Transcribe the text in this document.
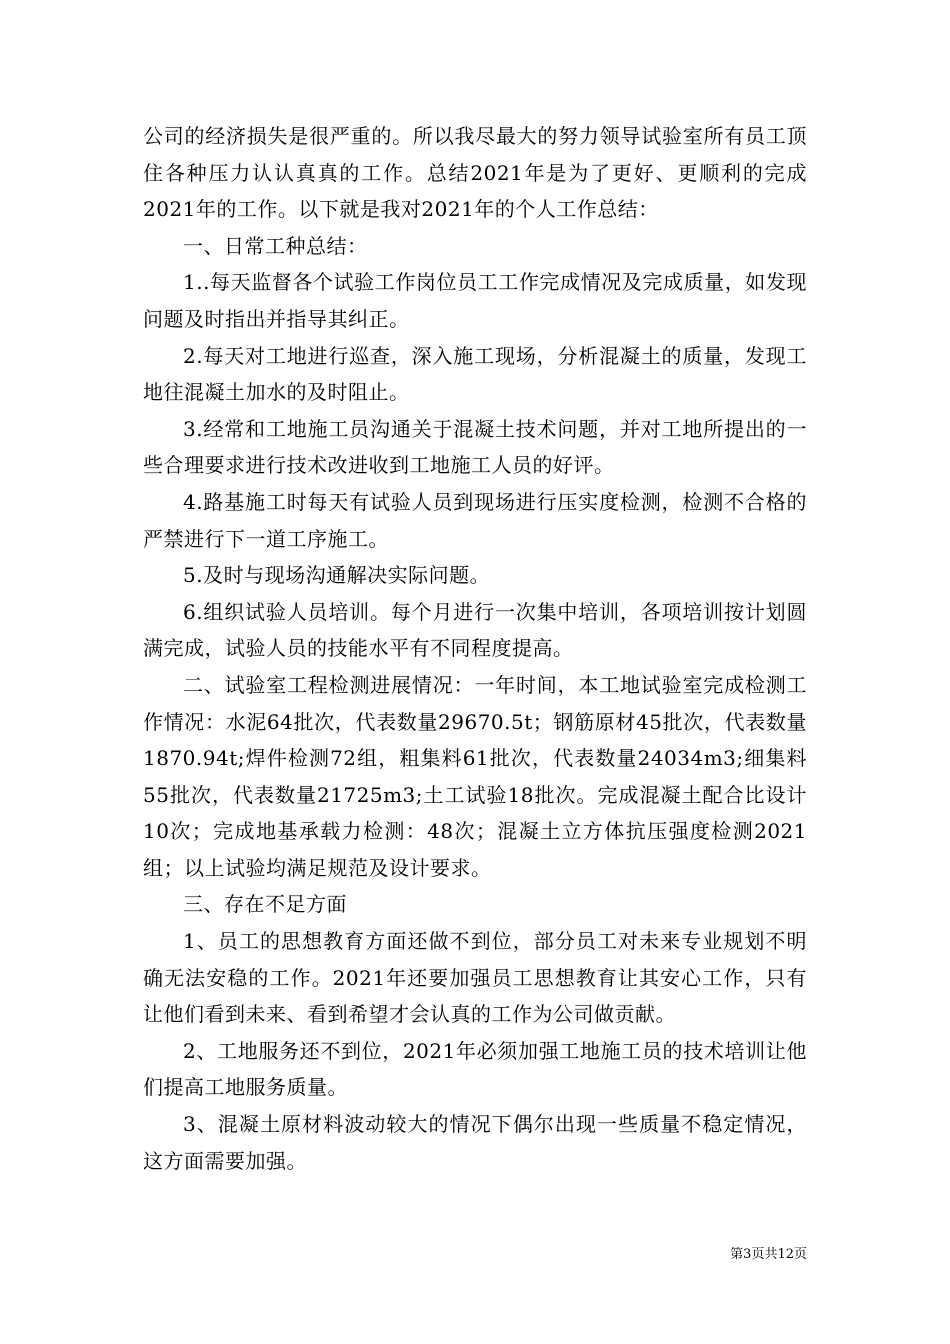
公司的经济损失是很严重的。所以我尽最大的努力领导试验室所有员工顶住各种压力认认真真的工作。总结2021年是为了更好、更顺利的完成2021年的工作。以下就是我对2021年的个人工作总结：

一、日常工种总结：

1..每天监督各个试验工作岗位员工工作完成情况及完成质量，如发现问题及时指出并指导其纠正。

2.每天对工地进行巡查，深入施工现场，分析混凝土的质量，发现工地往混凝土加水的及时阻止。

3.经常和工地施工员沟通关于混凝土技术问题，并对工地所提出的一些合理要求进行技术改进收到工地施工人员的好评。

4.路基施工时每天有试验人员到现场进行压实度检测，检测不合格的严禁进行下一道工序施工。

5.及时与现场沟通解决实际问题。

6.组织试验人员培训。每个月进行一次集中培训，各项培训按计划圆满完成，试验人员的技能水平有不同程度提高。

二、试验室工程检测进展情况：一年时间，本工地试验室完成检测工作情况：水泥64批次，代表数量29670.5t；钢筋原材45批次，代表数量1870.94t;焊件检测72组，粗集料61批次，代表数量24034m3;细集料55批次，代表数量21725m3;土工试验18批次。完成混凝土配合比设计10次；完成地基承载力检测：48次；混凝土立方体抗压强度检测2021组；以上试验均满足规范及设计要求。

三、存在不足方面

1、员工的思想教育方面还做不到位，部分员工对未来专业规划不明确无法安稳的工作。2021年还要加强员工思想教育让其安心工作，只有让他们看到未来、看到希望才会认真的工作为公司做贡献。

2、工地服务还不到位，2021年必须加强工地施工员的技术培训让他们提高工地服务质量。

3、混凝土原材料波动较大的情况下偶尔出现一些质量不稳定情况，这方面需要加强。

第3页共12页
